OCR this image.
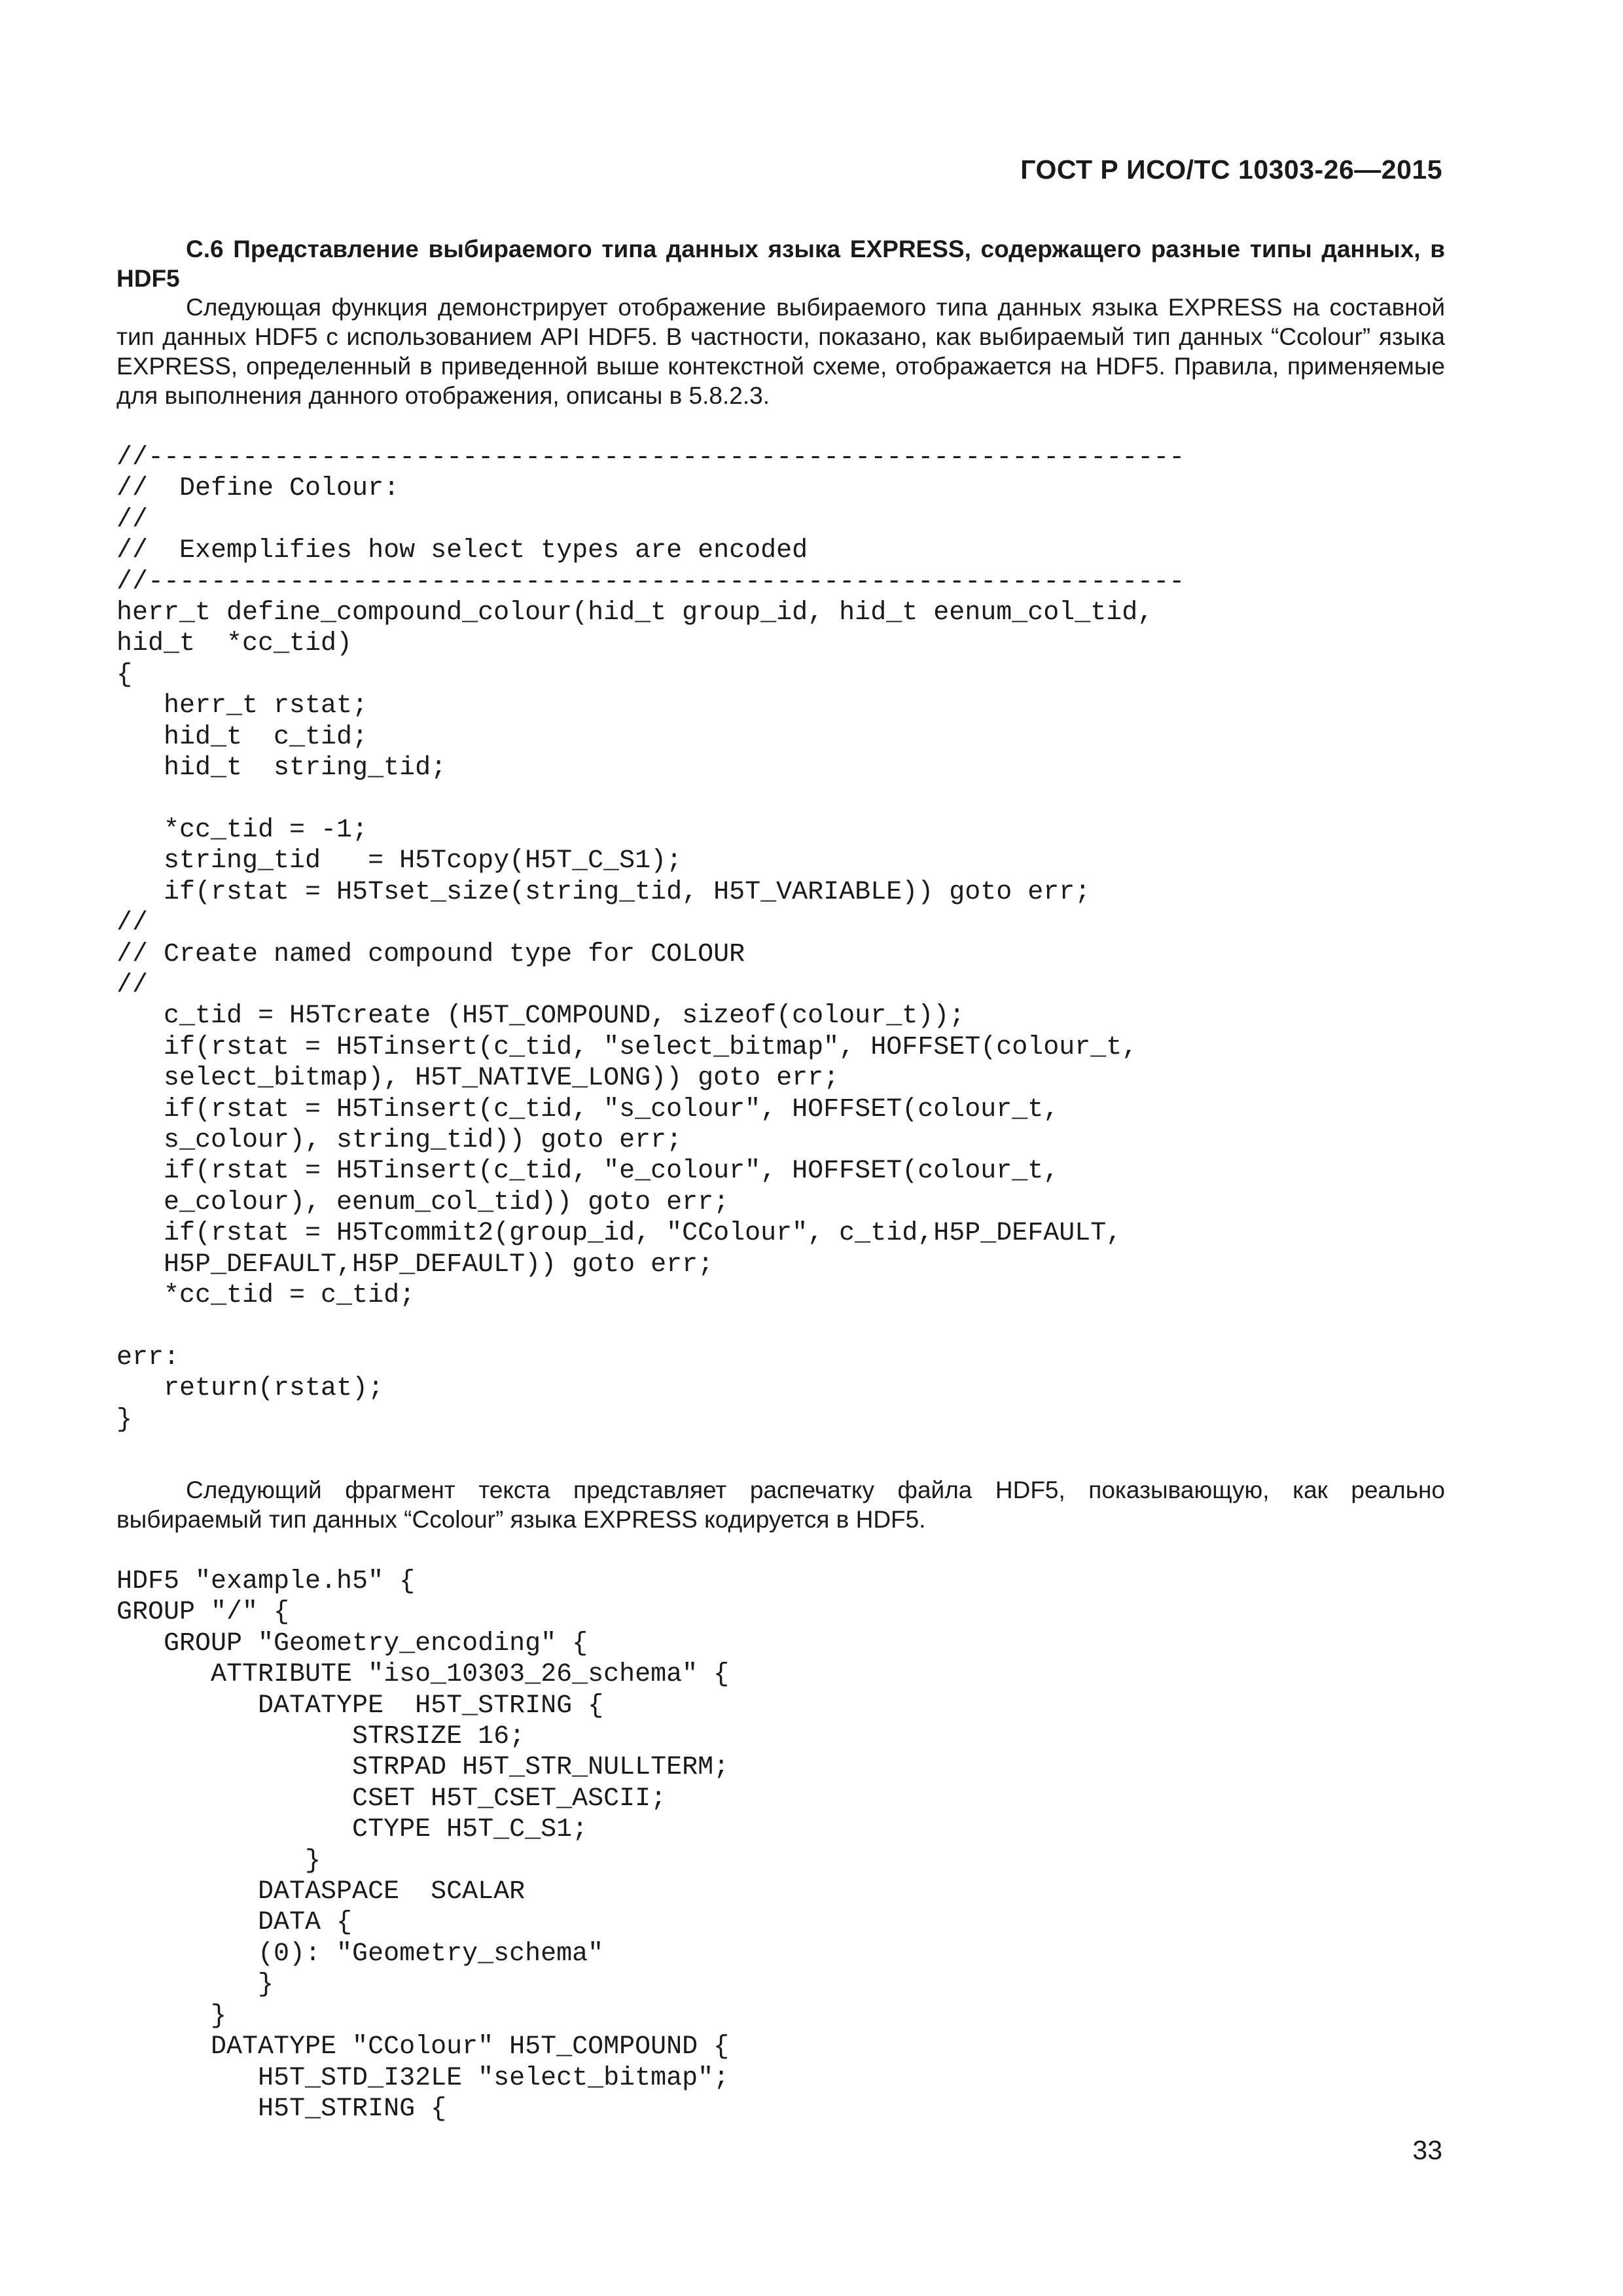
ГОСТ Р ИСО/ТС 10303-26—2015
С.6 Представление выбираемого типа данных языка EXPRESS, содержащего разные типы данных, в HDF5
Следующая функция демонстрирует отображение выбираемого типа данных языка EXPRESS на составной тип данных HDF5 с использованием API HDF5. В частности, показано, как выбираемый тип данных “Ccolour” языка EXPRESS, определенный в приведенной выше контекстной схеме, отображается на HDF5. Правила, применяемые для выполнения данного отображения, описаны в 5.8.2.3.
//------------------------------------------------------------------
//  Define Colour:
//
//  Exemplifies how select types are encoded
//------------------------------------------------------------------
herr_t define_compound_colour(hid_t group_id, hid_t eenum_col_tid,
hid_t  *cc_tid)
{
herr_t rstat;
hid_t  c_tid;
hid_t  string_tid;

*cc_tid = -1;
string_tid   = H5Tcopy(H5T_C_S1);
if(rstat = H5Tset_size(string_tid, H5T_VARIABLE)) goto err;
//
// Create named compound type for COLOUR
//
c_tid = H5Tcreate (H5T_COMPOUND, sizeof(colour_t));
if(rstat = H5Tinsert(c_tid, "select_bitmap", HOFFSET(colour_t,
select_bitmap), H5T_NATIVE_LONG)) goto err;
if(rstat = H5Tinsert(c_tid, "s_colour", HOFFSET(colour_t,
s_colour), string_tid)) goto err;
if(rstat = H5Tinsert(c_tid, "e_colour", HOFFSET(colour_t,
e_colour), eenum_col_tid)) goto err;
if(rstat = H5Tcommit2(group_id, "CColour", c_tid,H5P_DEFAULT,
H5P_DEFAULT,H5P_DEFAULT)) goto err;
*cc_tid = c_tid;

err:
return(rstat);
}
Следующий фрагмент текста представляет распечатку файла HDF5, показывающую, как реально выбираемый тип данных “Ccolour” языка EXPRESS кодируется в HDF5.
HDF5 "example.h5" {
GROUP "/" {
GROUP "Geometry_encoding" {
ATTRIBUTE "iso_10303_26_schema" {
DATATYPE  H5T_STRING {
STRSIZE 16;
STRPAD H5T_STR_NULLTERM;
CSET H5T_CSET_ASCII;
CTYPE H5T_C_S1;
}
DATASPACE  SCALAR
DATA {
(0): "Geometry_schema"
}
}
DATATYPE "CColour" H5T_COMPOUND {
H5T_STD_I32LE "select_bitmap";
H5T_STRING {
33
